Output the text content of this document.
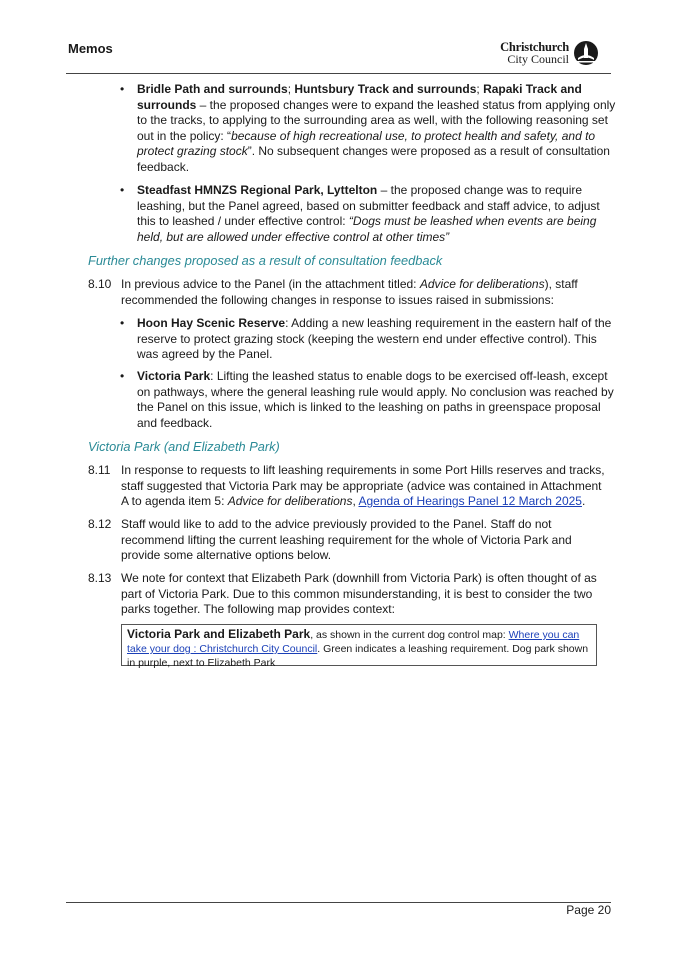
Memos	Christchurch
City Council
• Bridle Path and surrounds; Huntsbury Track and surrounds; Rapaki Track and surrounds – the proposed changes were to expand the leashed status from applying only to the tracks, to applying to the surrounding area as well, with the following reasoning set out in the policy: “because of high recreational use, to protect health and safety, and to protect grazing stock”. No subsequent changes were proposed as a result of consultation feedback.
• Steadfast HMNZS Regional Park, Lyttelton – the proposed change was to require leashing, but the Panel agreed, based on submitter feedback and staff advice, to adjust this to leashed / under effective control: “Dogs must be leashed when events are being held, but are allowed under effective control at other times”
Further changes proposed as a result of consultation feedback
8.10 In previous advice to the Panel (in the attachment titled: Advice for deliberations), staff recommended the following changes in response to issues raised in submissions:
• Hoon Hay Scenic Reserve: Adding a new leashing requirement in the eastern half of the reserve to protect grazing stock (keeping the western end under effective control). This was agreed by the Panel.
• Victoria Park: Lifting the leashed status to enable dogs to be exercised off-leash, except on pathways, where the general leashing rule would apply. No conclusion was reached by the Panel on this issue, which is linked to the leashing on paths in greenspace proposal and feedback.
Victoria Park (and Elizabeth Park)
8.11 In response to requests to lift leashing requirements in some Port Hills reserves and tracks, staff suggested that Victoria Park may be appropriate (advice was contained in Attachment A to agenda item 5: Advice for deliberations, Agenda of Hearings Panel 12 March 2025.
8.12 Staff would like to add to the advice previously provided to the Panel. Staff do not recommend lifting the current leashing requirement for the whole of Victoria Park and provide some alternative options below.
8.13 We note for context that Elizabeth Park (downhill from Victoria Park) is often thought of as part of Victoria Park. Due to this common misunderstanding, it is best to consider the two parks together. The following map provides context:
Victoria Park and Elizabeth Park, as shown in the current dog control map: Where you can take your dog : Christchurch City Council. Green indicates a leashing requirement. Dog park shown in purple, next to Elizabeth Park
Page 20
